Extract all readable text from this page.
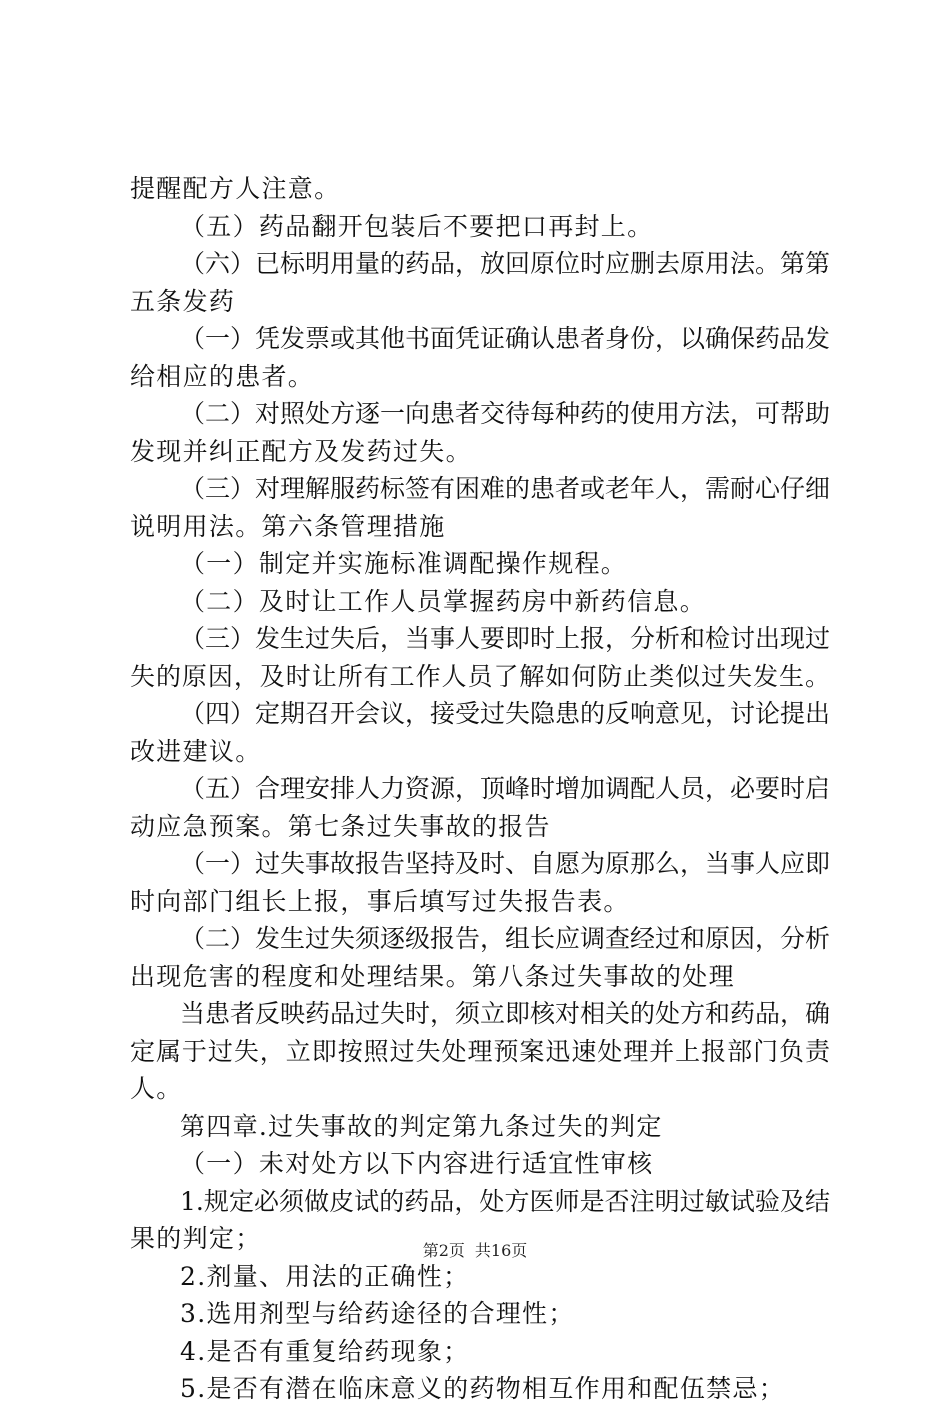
提醒配方人注意。
（五）药品翻开包装后不要把口再封上。
（六）已标明用量的药品，放回原位时应删去原用法。第第
五条发药
（一）凭发票或其他书面凭证确认患者身份，以确保药品发
给相应的患者。
（二）对照处方逐一向患者交待每种药的使用方法，可帮助
发现并纠正配方及发药过失。
（三）对理解服药标签有困难的患者或老年人，需耐心仔细
说明用法。第六条管理措施
（一）制定并实施标准调配操作规程。
（二）及时让工作人员掌握药房中新药信息。
（三）发生过失后，当事人要即时上报，分析和检讨出现过
失的原因，及时让所有工作人员了解如何防止类似过失发生。
（四）定期召开会议，接受过失隐患的反响意见，讨论提出
改进建议。
（五）合理安排人力资源，顶峰时增加调配人员，必要时启
动应急预案。第七条过失事故的报告
（一）过失事故报告坚持及时、自愿为原那么，当事人应即
时向部门组长上报，事后填写过失报告表。
（二）发生过失须逐级报告，组长应调查经过和原因，分析
出现危害的程度和处理结果。第八条过失事故的处理
当患者反映药品过失时，须立即核对相关的处方和药品，确
定属于过失，立即按照过失处理预案迅速处理并上报部门负责
人。
第四章.过失事故的判定第九条过失的判定
（一）未对处方以下内容进行适宜性审核
1.规定必须做皮试的药品，处方医师是否注明过敏试验及结
果的判定；
2.剂量、用法的正确性；
3.选用剂型与给药途径的合理性；
4.是否有重复给药现象；
5.是否有潜在临床意义的药物相互作用和配伍禁忌；
第2页 共16页
